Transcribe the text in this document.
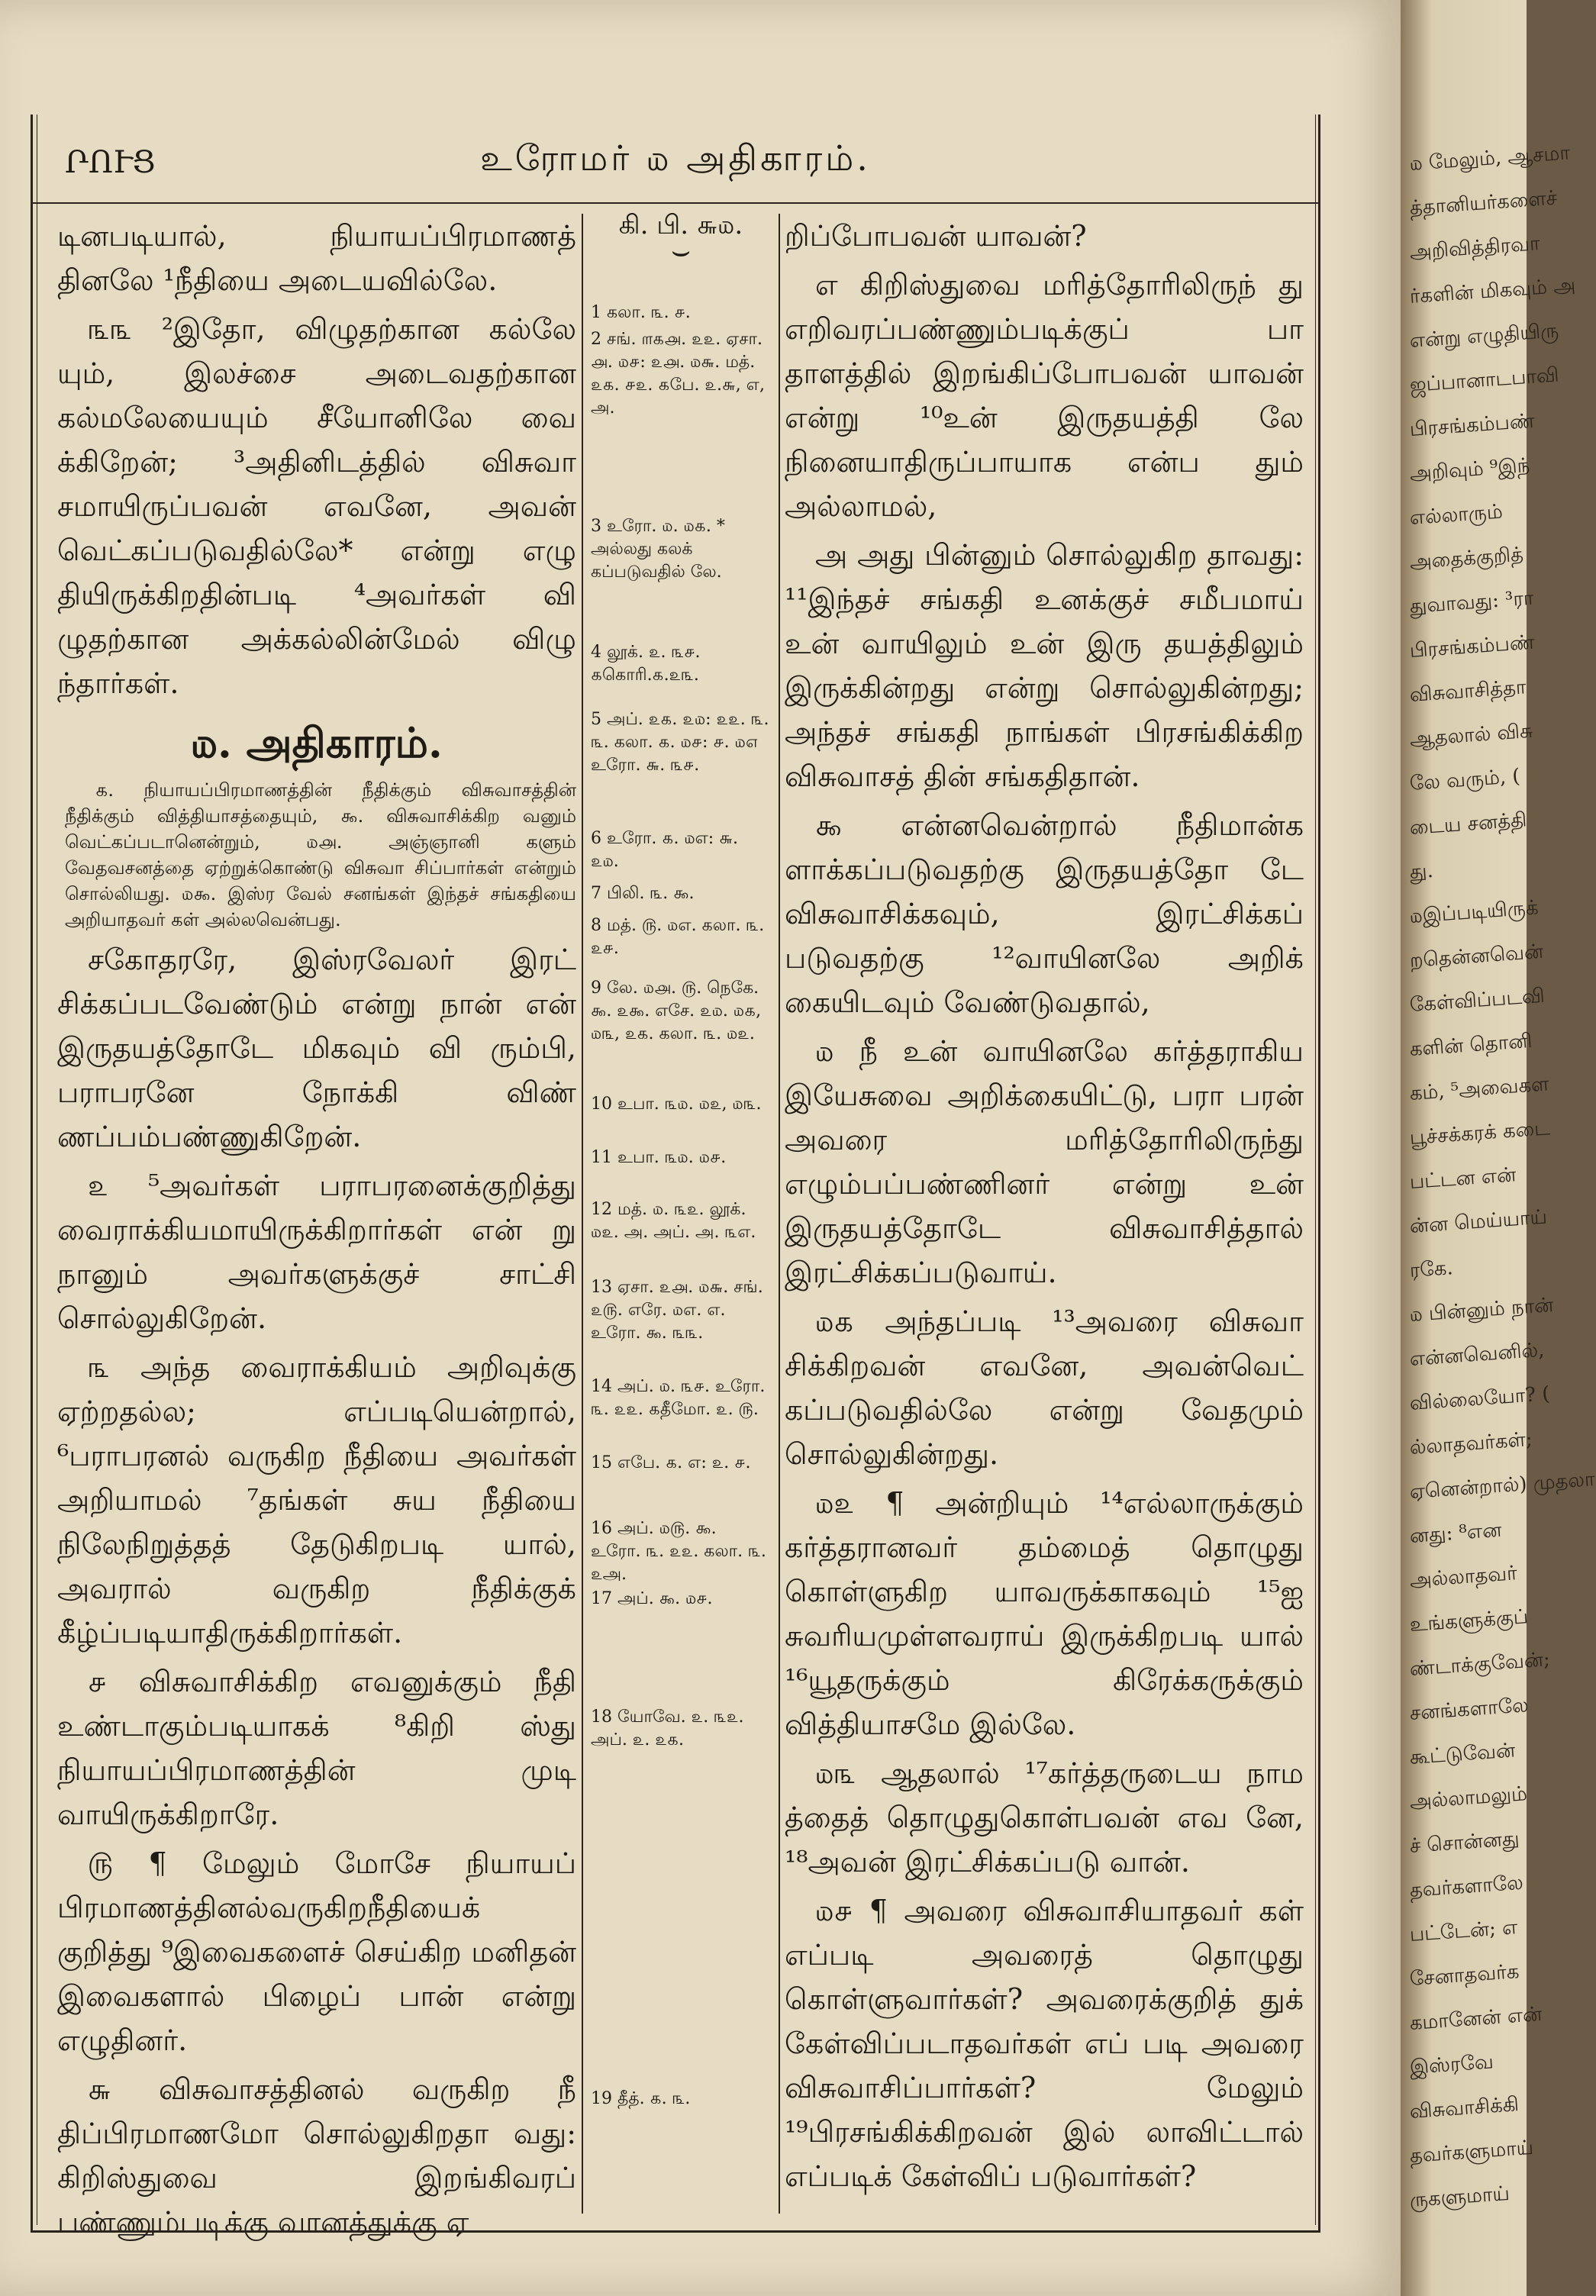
ՐՈՒՑ	உரோமர் ௰ அதிகாரம்.

டினபடியால், நியாயப்பிரமாணத் தினலே ¹நீதியை அடையவில்லே.

௩௩ ²இதோ, விழுதற்கான கல்லே யும், இலச்சை அடைவதற்கான கல்மலேயையும் சீயோனிலே வை க்கிறேன்; ³அதினிடத்தில் விசுவா சமாயிருப்பவன் எவனே, அவன் வெட்கப்படுவதில்லே* என்று எழு தியிருக்கிறதின்படி ⁴அவர்கள் வி ழுதற்கான அக்கல்லின்மேல் விழு ந்தார்கள்.

௰. அதிகாரம்.

௧. நியாயப்பிரமாணத்தின் நீதிக்கும் விசுவாசத்தின் நீதிக்கும் வித்தியாசத்தையும், ௯. விசுவாசிக்கிற வனும் வெட்கப்படானென்றும், ௰௮. அஞ்ஞானி களும் வேதவசனத்தை ஏற்றுக்கொண்டு விசுவா சிப்பார்கள் என்றும் சொல்லியது. ௰௯. இஸ்ர வேல் சனங்கள் இந்தச் சங்கதியை அறியாதவர் கள் அல்லவென்பது.

சகோதரரே, இஸ்ரவேலர் இரட் சிக்கப்படவேண்டும் என்று நான் என் இருதயத்தோடே மிகவும் வி ரும்பி, பராபரனே நோக்கி விண் ணப்பம்பண்ணுகிறேன்.

௨ ⁵அவர்கள் பராபரனைக்குறித்து வைராக்கியமாயிருக்கிறார்கள் என் று நானும் அவர்களுக்குச் சாட்சி சொல்லுகிறேன்.

௩ அந்த வைராக்கியம் அறிவுக்கு ஏற்றதல்ல; எப்படியென்றால், ⁶பராபரனல் வருகிற நீதியை அவர்கள் அறியாமல் ⁷தங்கள் சுய நீதியை நிலேநிறுத்தத் தேடுகிறபடி யால், அவரால் வருகிற நீதிக்குக் கீழ்ப்படியாதிருக்கிறார்கள்.

௪ விசுவாசிக்கிற எவனுக்கும் நீதி உண்டாகும்படியாகக் ⁸கிறி ஸ்து நியாயப்பிரமாணத்தின் முடி வாயிருக்கிறாரே.

௫ ¶ மேலும் மோசே நியாயப் பிரமாணத்தினல்வருகிறநீதியைக் குறித்து ⁹இவைகளைச் செய்கிற மனிதன் இவைகளால் பிழைப் பான் என்று எழுதினர்.

௬ விசுவாசத்தினல் வருகிற நீ திப்பிரமாணமோ சொல்லுகிறதா வது: கிறிஸ்துவை இறங்கிவரப் பண்ணும்படிக்கு வானத்துக்கு ஏ

கி. பி. ௬௰.
⌣
1 கலா. ௩. ௪.
2 சங். ௱௧௮. ௨௨. ஏசா. ௮. ௰௪: ௨௮. ௰௬. மத். ௨௧. ௪௨. ௧பே. ௨.௬, எ, அ.
3 உரோ. ௰. ௰௧. * அல்லது கலக் கப்படுவதில் லே.
4 லூக். ௨. ௩௪. ௧கொரி.௧.௨௩.
5 அப். ௨௧. ௨௰: ௨௨. ௩. ௩. கலா. ௧. ௰௪: ௪. ௰௭ உரோ. ௬. ௩௪.
6 உரோ. ௧. ௰எ: ௬. ௨௰.
7 பிலி. ௩. ௯.
8 மத். ௫. ௰எ. கலா. ௩. ௨௪.
9 லே. ௰௮. ௫. நெகே. ௯. ௨௯. எசே. ௨௰. ௰௧, ௰௩, ௨௧. கலா. ௩. ௰௨.
10 உபா. ௩௰. ௰௨, ௰௩.
11 உபா. ௩௰. ௰௪.
12 மத். ௰. ௩௨. லூக். ௰௨. அ. அப். அ. ௩எ.
13 ஏசா. ௨௮. ௰௬. சங். ௨௫. எரே. ௰எ. எ. உரோ. ௯. ௩௩.
14 அப். ௰. ௩௪. உரோ. ௩. ௨௨. ௧தீமோ. ௨. ௫.
15 எபே. ௧. எ: ௨. ௪.
16 அப். ௰௫. ௯. உரோ. ௩. ௨௨. கலா. ௩. ௨அ.
17 அப். ௯. ௰௪.
18 யோவே. ௨. ௩௨. அப். ௨. ௨௧.
19 தீத். ௧. ௩.

றிப்போபவன் யாவன்?

எ கிறிஸ்துவை மரித்தோரிலிருந் து எறிவரப்பண்ணும்படிக்குப் பா தாளத்தில் இறங்கிப்போபவன் யாவன் என்று ¹⁰உன் இருதயத்தி லே நினையாதிருப்பாயாக என்ப தும் அல்லாமல்,

அ அது பின்னும் சொல்லுகிற தாவது: ¹¹இந்தச் சங்கதி உனக்குச் சமீபமாய் உன் வாயிலும் உன் இரு தயத்திலும் இருக்கின்றது என்று சொல்லுகின்றது; அந்தச் சங்கதி நாங்கள் பிரசங்கிக்கிற விசுவாசத் தின் சங்கதிதான்.

௯ என்னவென்றால் நீதிமான்க ளாக்கப்படுவதற்கு இருதயத்தோ டே விசுவாசிக்கவும், இரட்சிக்கப் படுவதற்கு ¹²வாயினலே அறிக் கையிடவும் வேண்டுவதால்,

௰ நீ உன் வாயினலே கர்த்தராகிய இயேசுவை அறிக்கையிட்டு, பரா பரன் அவரை மரித்தோரிலிருந்து எழும்பப்பண்ணினர் என்று உன் இருதயத்தோடே விசுவாசித்தால் இரட்சிக்கப்படுவாய்.

௰௧ அந்தப்படி ¹³அவரை விசுவா சிக்கிறவன் எவனே, அவன்வெட் கப்படுவதில்லே என்று வேதமும் சொல்லுகின்றது.

௰௨ ¶ அன்றியும் ¹⁴எல்லாருக்கும் கர்த்தரானவர் தம்மைத் தொழுது கொள்ளுகிற யாவருக்காகவும் ¹⁵ஐ சுவரியமுள்ளவராய் இருக்கிறபடி யால் ¹⁶யூதருக்கும் கிரேக்கருக்கும் வித்தியாசமே இல்லே.

௰௩ ஆதலால் ¹⁷கர்த்தருடைய நாம த்தைத் தொழுதுகொள்பவன் எவ னே, ¹⁸அவன் இரட்சிக்கப்படு வான்.

௰௪ ¶ அவரை விசுவாசியாதவர் கள் எப்படி அவரைத் தொழுது கொள்ளுவார்கள்? அவரைக்குறித் துக் கேள்விப்படாதவர்கள் எப் படி அவரை விசுவாசிப்பார்கள்? மேலும் ¹⁹பிரசங்கிக்கிறவன் இல் லாவிட்டால் எப்படிக் கேள்விப் படுவார்கள்?

௰ மேலும், ஆசமா
த்தானியர்களைச்
அறிவித்திரவா
ர்களின் மிகவும் அ
என்று எழுதியிரு
ஜப்பானாடபாவி
பிரசங்கம்பண்
அறிவும் ⁹இந்
எல்லாரும்
அதைக்குறித்
துவாவது: ³ரா
பிரசங்கம்பண்
விசுவாசித்தா
ஆதலால் விசு
லே வரும், (
டைய சனத்தி
து.
௰இப்படியிருக்
றதென்னவென்
கேள்விப்படவி
களின் தொனி
கம், ⁵அவைகள
பூச்சக்கரக் கடை
பட்டன என்
ன்ன மெய்யாய்
ரகே.
௰ பின்னும் நான்
என்னவெனில்,
வில்லையோ? (
ல்லாதவர்கள்;
ஏனென்றால்) முதலா
னது: ⁸என
அல்லாதவர்
உங்களுக்குப்
ண்டாக்குவேன்;
சனங்களாலே
கூட்டுவேன்
அல்லாமலும்
ச் சொன்னது
தவர்களாலே
பட்டேன்; எ
சேனாதவர்க
கமானேன் என்
இஸ்ரவே
விசுவாசிக்கி
தவர்களுமாய்
ருகளுமாய்
